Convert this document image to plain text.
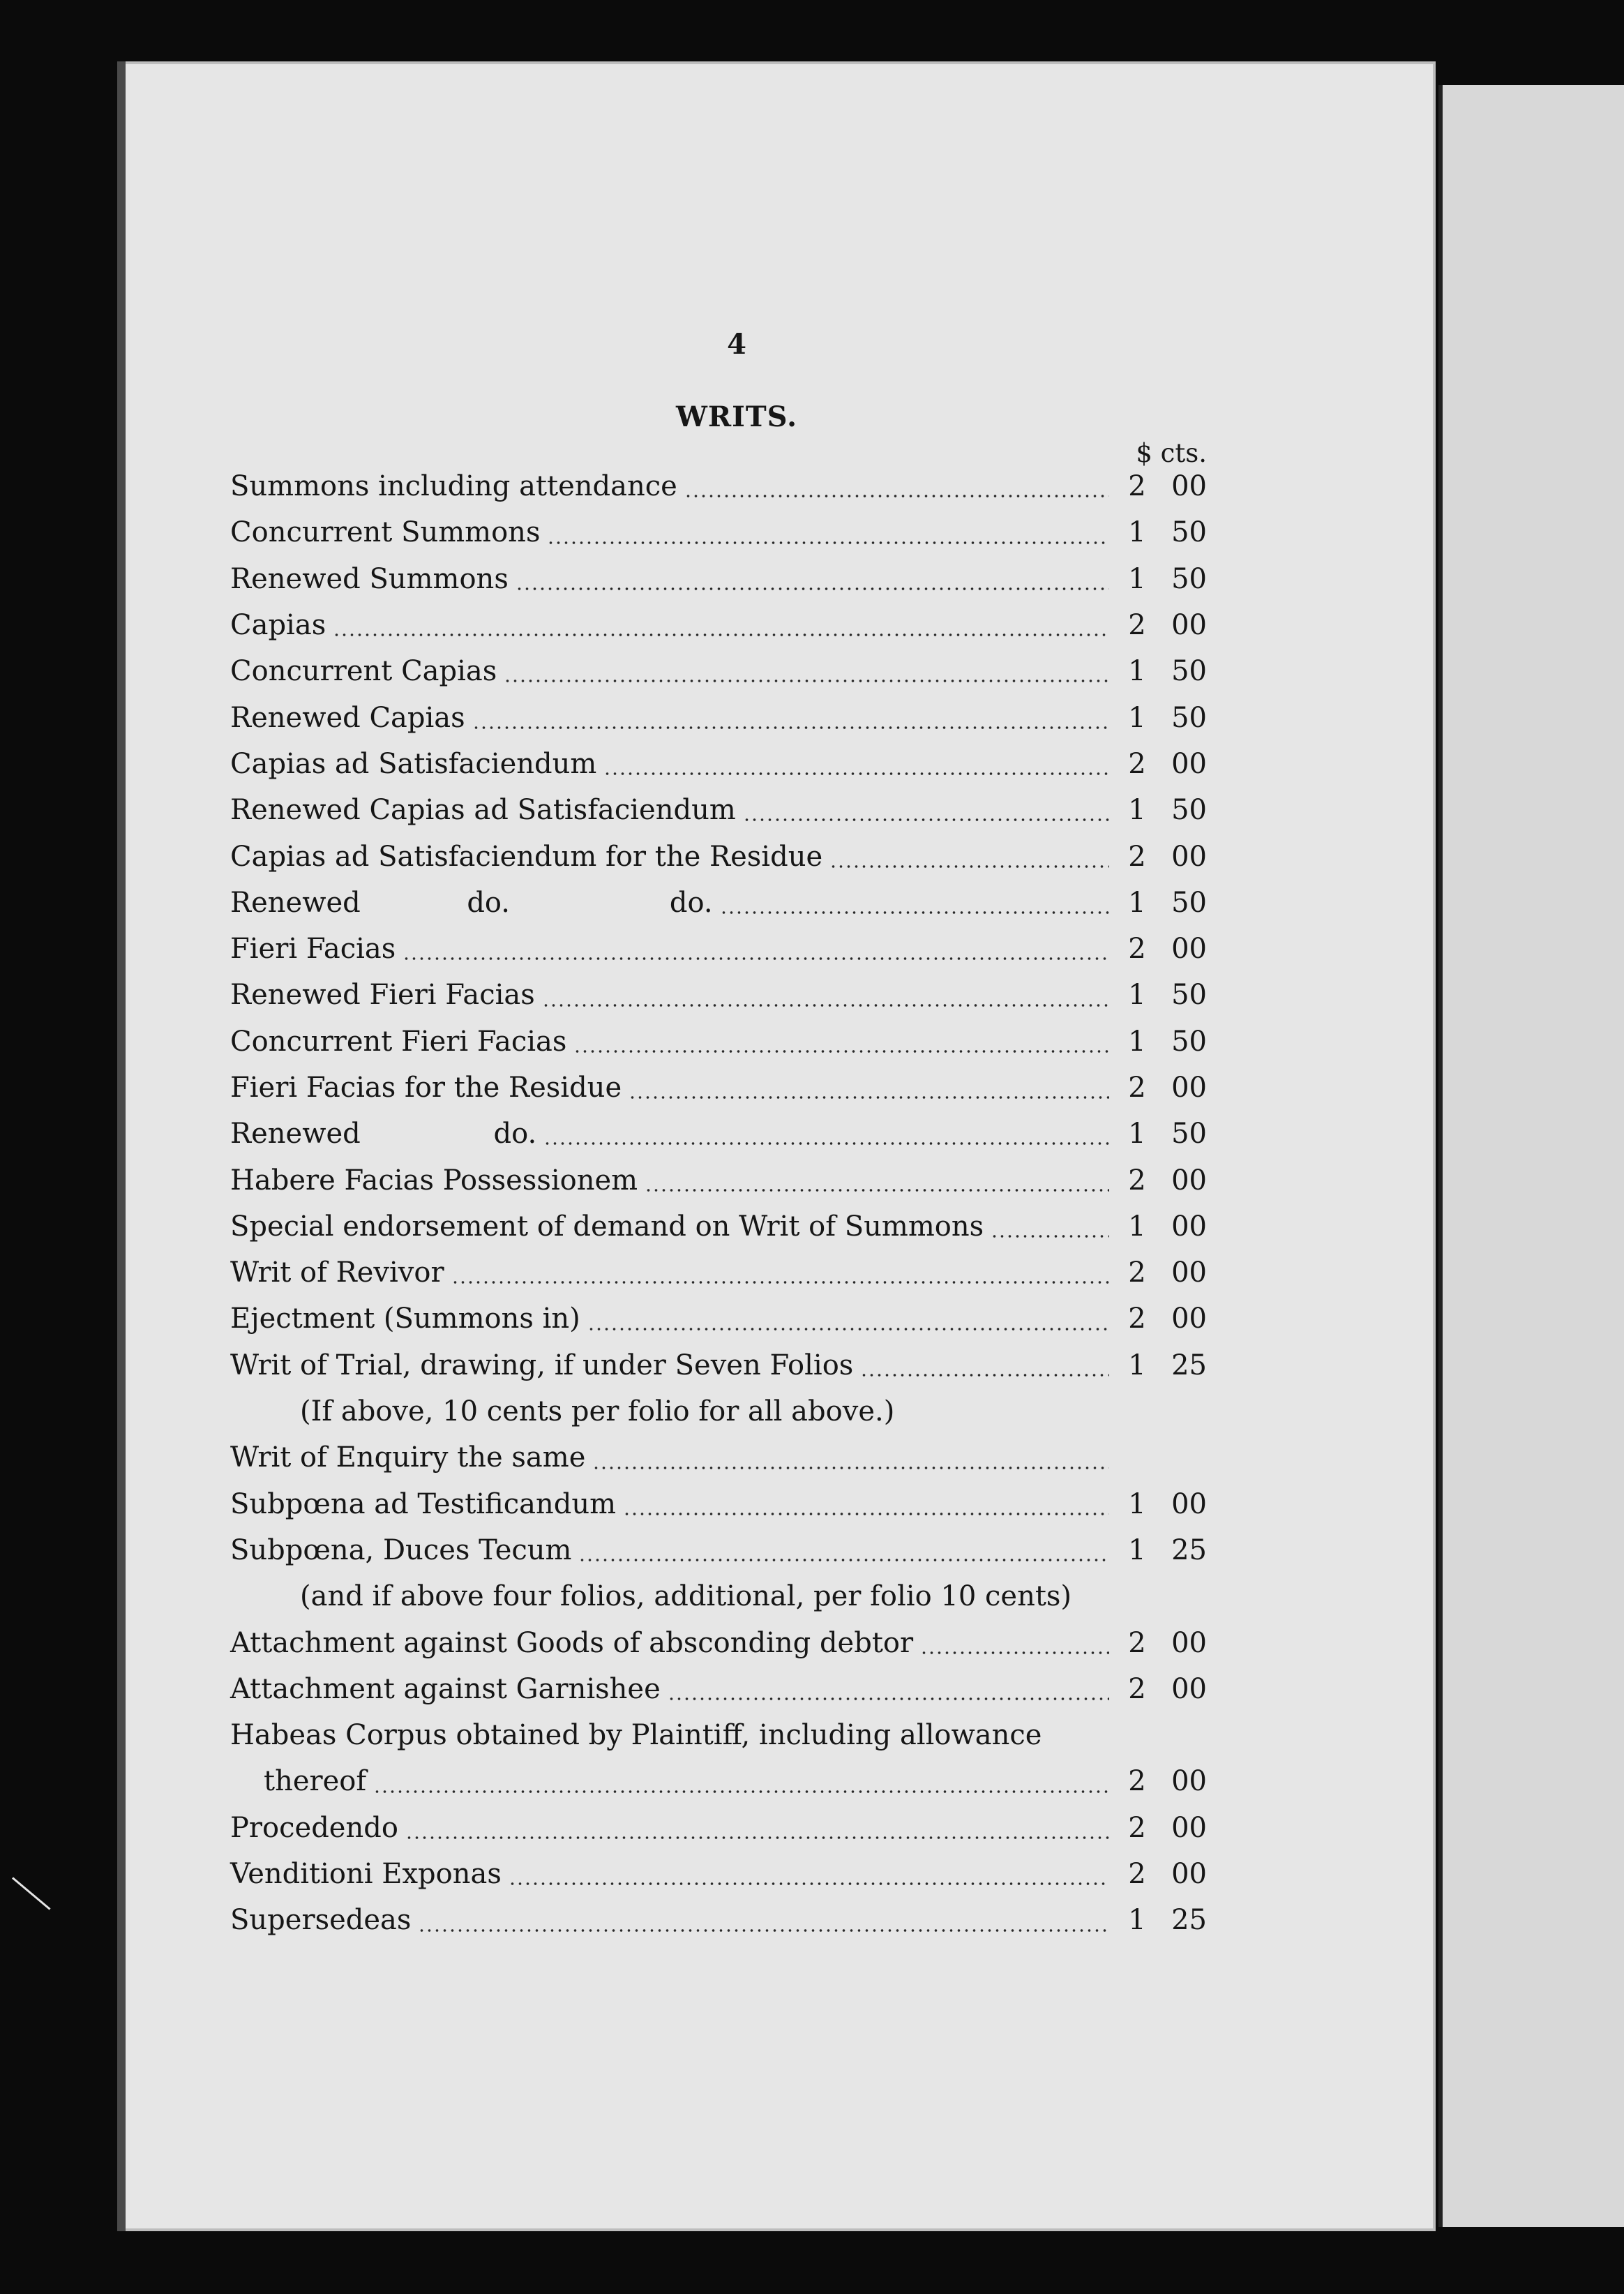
4
WRITS.
$ cts.
Summons including attendance	2 00
Concurrent Summons	1 50
Renewed Summons	1 50
Capias	2 00
Concurrent Capias	1 50
Renewed Capias	1 50
Capias ad Satisfaciendum	2 00
Renewed Capias ad Satisfaciendum	1 50
Capias ad Satisfaciendum for the Residue	2 00
Renewed            do.                  do.	1 50
Fieri Facias	2 00
Renewed Fieri Facias	1 50
Concurrent Fieri Facias	1 50
Fieri Facias for the Residue	2 00
Renewed               do.	1 50
Habere Facias Possessionem	2 00
Special endorsement of demand on Writ of Summons	1 00
Writ of Revivor	2 00
Ejectment (Summons in)	2 00
Writ of Trial, drawing, if under Seven Folios	1 25
(If above, 10 cents per folio for all above.)
Writ of Enquiry the same
Subpœna ad Testificandum	1 00
Subpœna, Duces Tecum	1 25
(and if above four folios, additional, per folio 10 cents)
Attachment against Goods of absconding debtor	2 00
Attachment against Garnishee	2 00
Habeas Corpus obtained by Plaintiff, including allowance
thereof	2 00
Procedendo	2 00
Venditioni Exponas	2 00
Supersedeas	1 25
